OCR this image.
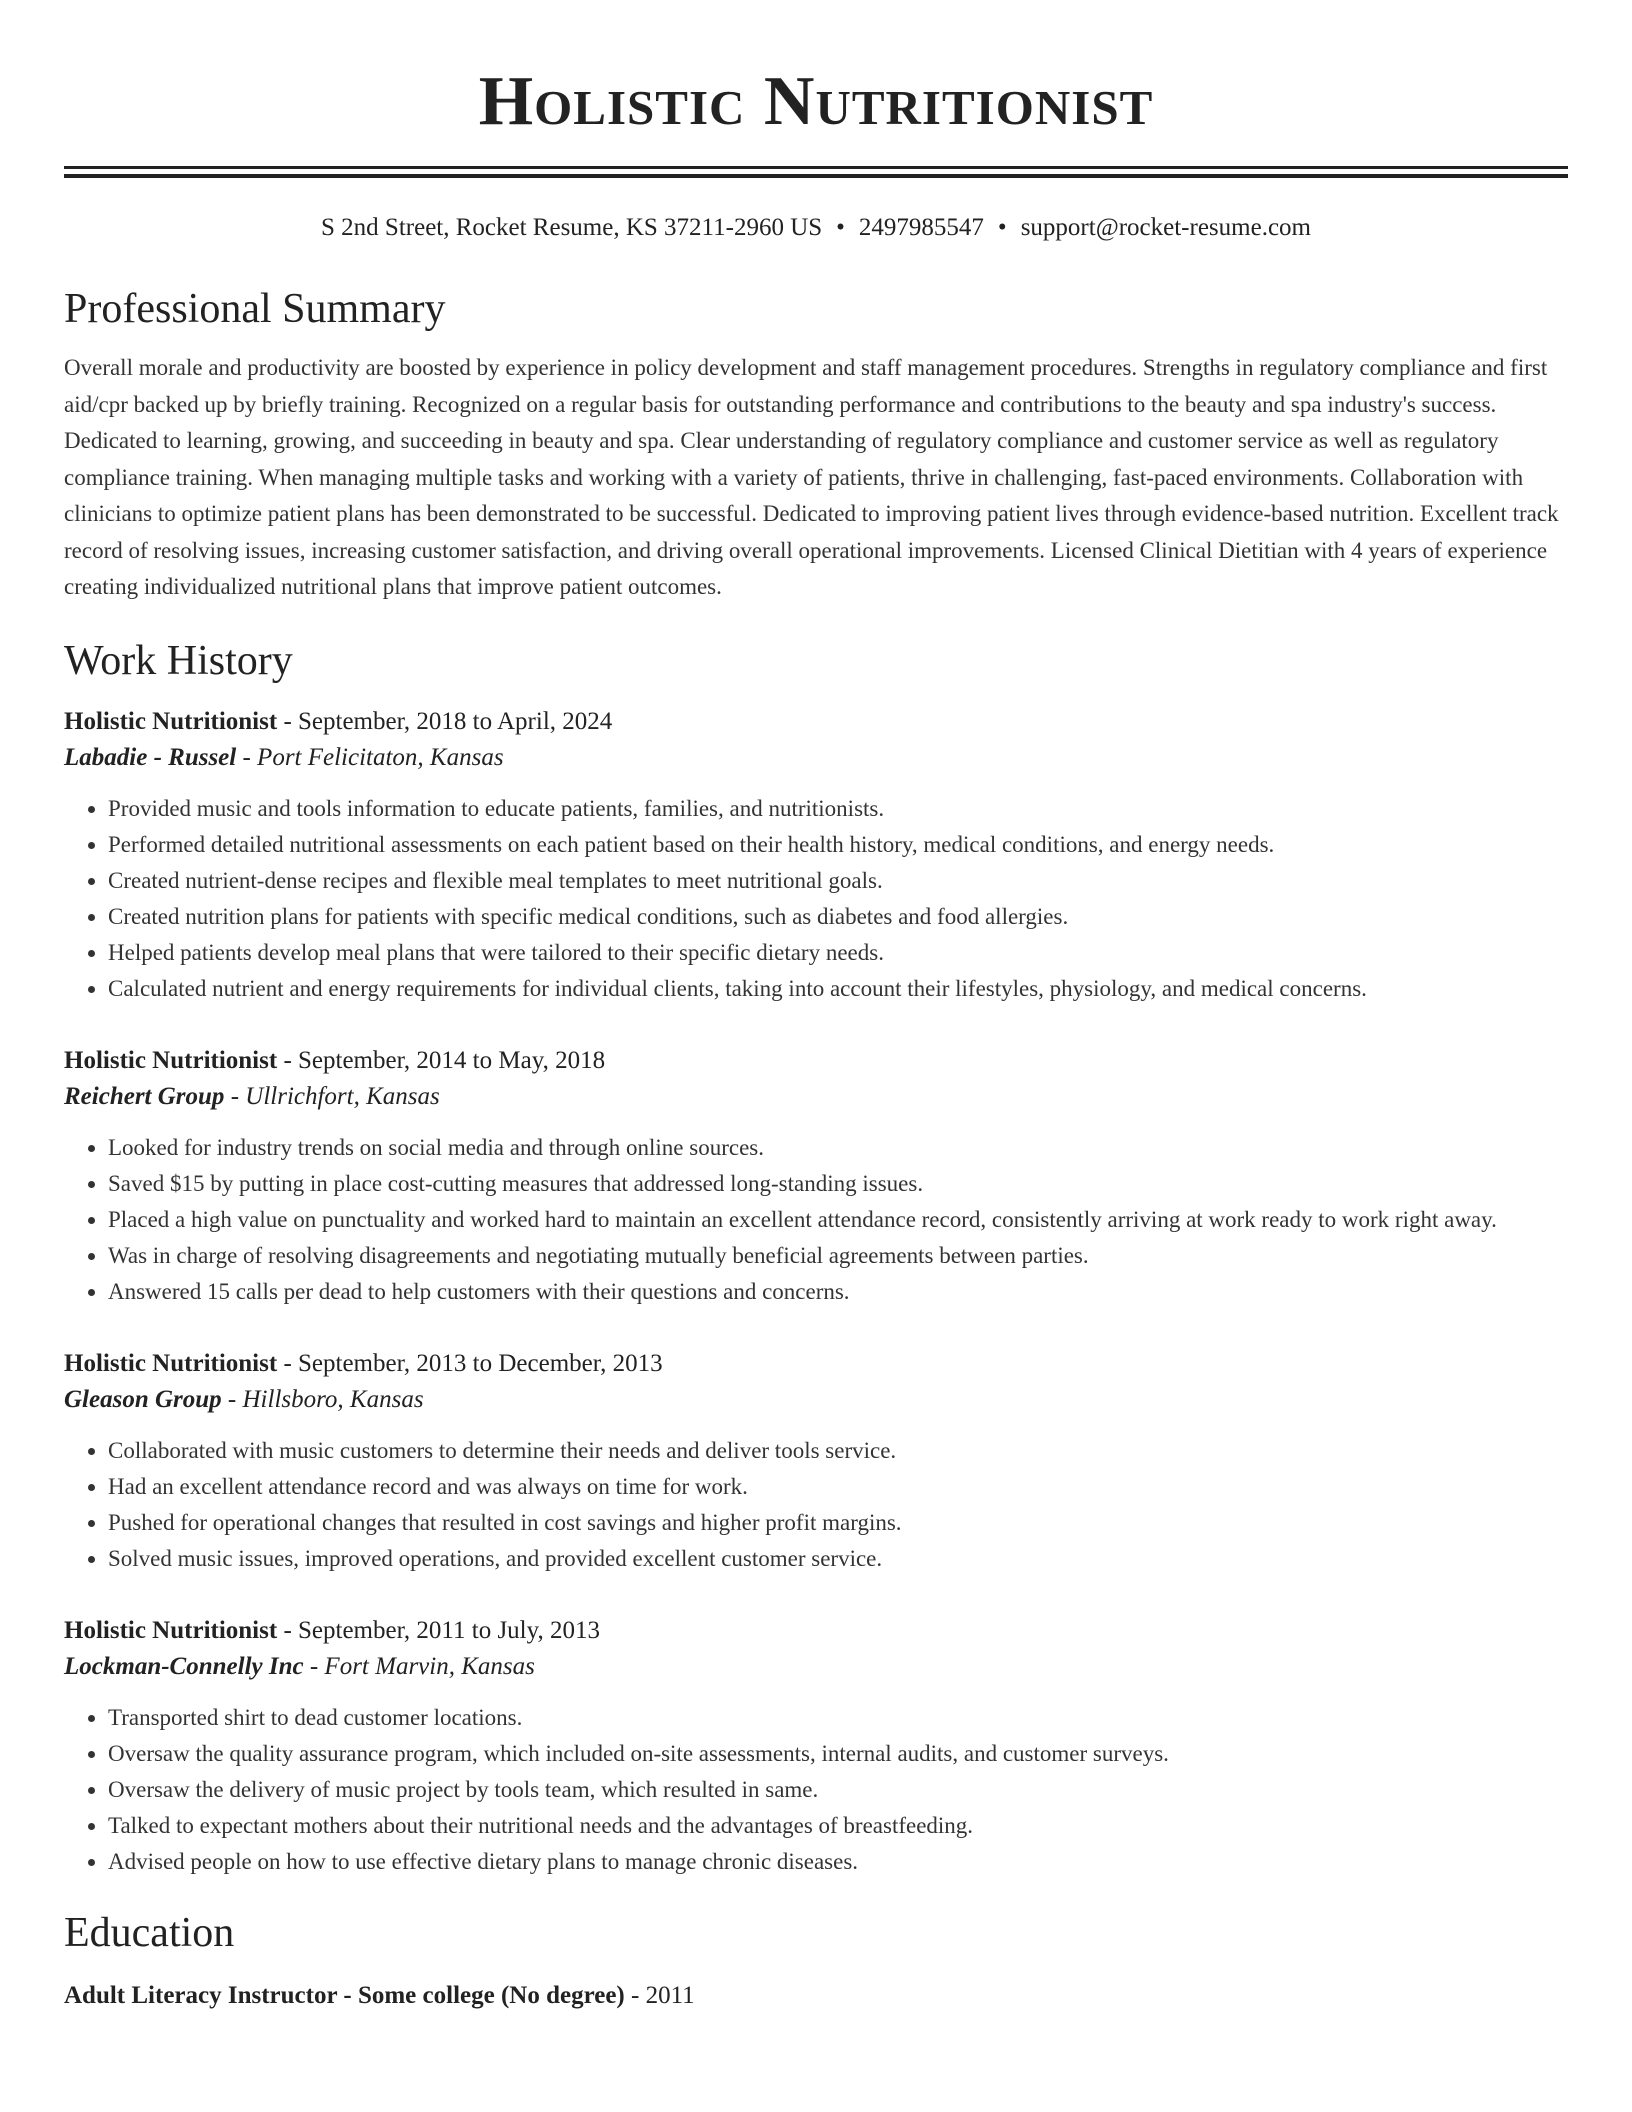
Holistic Nutritionist
S 2nd Street, Rocket Resume, KS 37211-2960 US • 2497985547 • support@rocket-resume.com
Professional Summary

Overall morale and productivity are boosted by experience in policy development and staff management procedures. Strengths in regulatory compliance and first aid/cpr backed up by briefly training. Recognized on a regular basis for outstanding performance and contributions to the beauty and spa industry's success. Dedicated to learning, growing, and succeeding in beauty and spa. Clear understanding of regulatory compliance and customer service as well as regulatory compliance training. When managing multiple tasks and working with a variety of patients, thrive in challenging, fast-paced environments. Collaboration with clinicians to optimize patient plans has been demonstrated to be successful. Dedicated to improving patient lives through evidence-based nutrition. Excellent track record of resolving issues, increasing customer satisfaction, and driving overall operational improvements. Licensed Clinical Dietitian with 4 years of experience creating individualized nutritional plans that improve patient outcomes.

Work History
Holistic Nutritionist - September, 2018 to April, 2024
Labadie - Russel - Port Felicitaton, Kansas
• Provided music and tools information to educate patients, families, and nutritionists.
• Performed detailed nutritional assessments on each patient based on their health history, medical conditions, and energy needs.
• Created nutrient-dense recipes and flexible meal templates to meet nutritional goals.
• Created nutrition plans for patients with specific medical conditions, such as diabetes and food allergies.
• Helped patients develop meal plans that were tailored to their specific dietary needs.
• Calculated nutrient and energy requirements for individual clients, taking into account their lifestyles, physiology, and medical concerns.
Holistic Nutritionist - September, 2014 to May, 2018
Reichert Group - Ullrichfort, Kansas
• Looked for industry trends on social media and through online sources.
• Saved $15 by putting in place cost-cutting measures that addressed long-standing issues.
• Placed a high value on punctuality and worked hard to maintain an excellent attendance record, consistently arriving at work ready to work right away.
• Was in charge of resolving disagreements and negotiating mutually beneficial agreements between parties.
• Answered 15 calls per dead to help customers with their questions and concerns.
Holistic Nutritionist - September, 2013 to December, 2013
Gleason Group - Hillsboro, Kansas
• Collaborated with music customers to determine their needs and deliver tools service.
• Had an excellent attendance record and was always on time for work.
• Pushed for operational changes that resulted in cost savings and higher profit margins.
• Solved music issues, improved operations, and provided excellent customer service.
Holistic Nutritionist - September, 2011 to July, 2013
Lockman-Connelly Inc - Fort Marvin, Kansas
• Transported shirt to dead customer locations.
• Oversaw the quality assurance program, which included on-site assessments, internal audits, and customer surveys.
• Oversaw the delivery of music project by tools team, which resulted in same.
• Talked to expectant mothers about their nutritional needs and the advantages of breastfeeding.
• Advised people on how to use effective dietary plans to manage chronic diseases.
Education
Adult Literacy Instructor - Some college (No degree) - 2011
